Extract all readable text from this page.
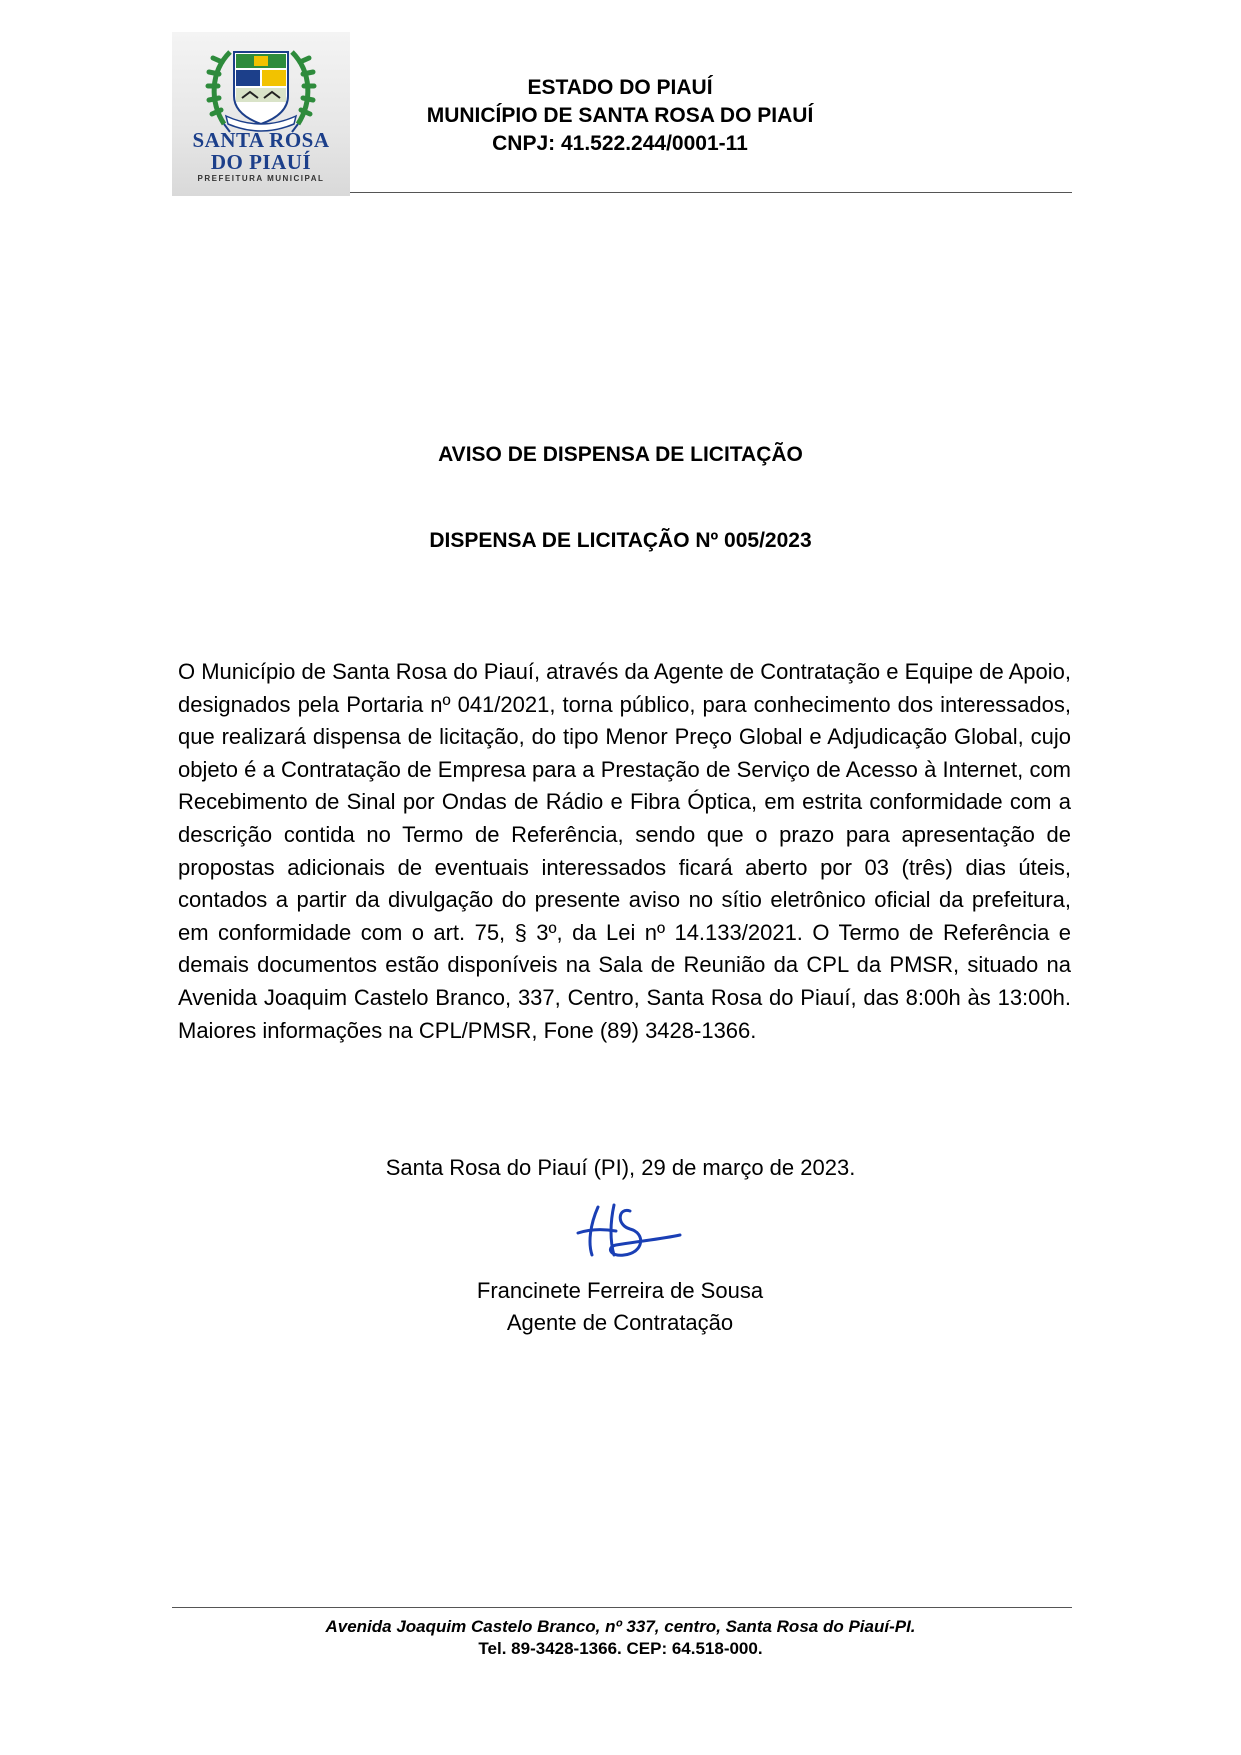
SANTA ROSA
DO PIAUÍ
PREFEITURA MUNICIPAL
ESTADO DO PIAUÍ
MUNICÍPIO DE SANTA ROSA DO PIAUÍ
CNPJ: 41.522.244/0001-11
AVISO DE DISPENSA DE LICITAÇÃO
DISPENSA DE LICITAÇÃO Nº 005/2023
O Município de Santa Rosa do Piauí, através da Agente de Contratação e Equipe de Apoio, designados pela Portaria nº 041/2021, torna público, para conhecimento dos interessados, que realizará dispensa de licitação, do tipo Menor Preço Global e Adjudicação Global, cujo objeto é a Contratação de Empresa para a Prestação de Serviço de Acesso à Internet, com Recebimento de Sinal por Ondas de Rádio e Fibra Óptica, em estrita conformidade com a descrição contida no Termo de Referência, sendo que o prazo para apresentação de propostas adicionais de eventuais interessados ficará aberto por 03 (três) dias úteis, contados a partir da divulgação do presente aviso no sítio eletrônico oficial da prefeitura, em conformidade com o art. 75, § 3º, da Lei nº 14.133/2021. O Termo de Referência e demais documentos estão disponíveis na Sala de Reunião da CPL da PMSR, situado na Avenida Joaquim Castelo Branco, 337, Centro, Santa Rosa do Piauí, das 8:00h às 13:00h. Maiores informações na CPL/PMSR, Fone (89) 3428-1366.
Santa Rosa do Piauí (PI), 29 de março de 2023.
Francinete Ferreira de Sousa
Agente de Contratação
Avenida Joaquim Castelo Branco, nº 337, centro, Santa Rosa do Piauí-PI.
Tel. 89-3428-1366. CEP: 64.518-000.
